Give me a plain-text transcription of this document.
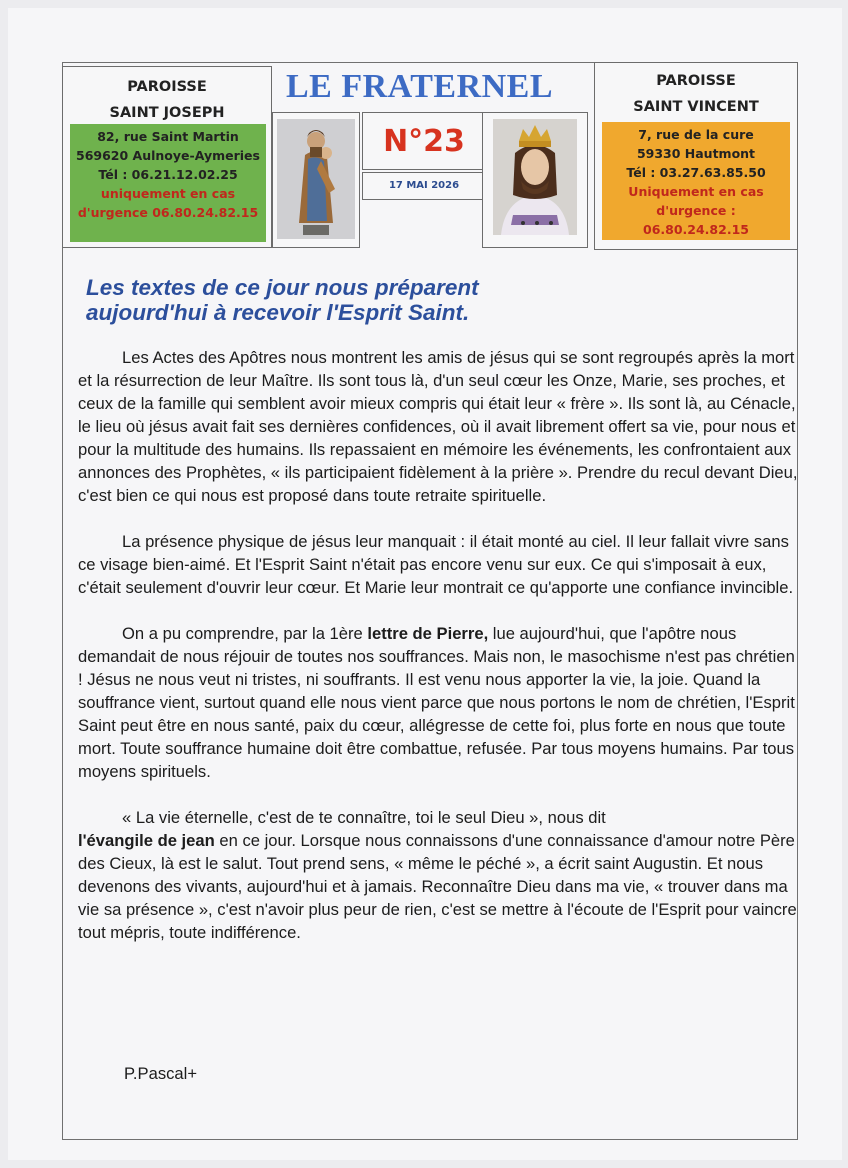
PAROISSE
SAINT JOSEPH
82, rue Saint Martin
569620 Aulnoye-Aymeries
Tél : 06.21.12.02.25
uniquement en cas
d'urgence 06.80.24.82.15
LE FRATERNEL
N°23
17 MAI 2026
PAROISSE
SAINT VINCENT
7, rue de la cure
59330 Hautmont
Tél : 03.27.63.85.50
Uniquement en cas
d'urgence : 06.80.24.82.15
Les textes de ce jour nous préparent
aujourd'hui à recevoir l'Esprit Saint.

Les Actes des Apôtres nous montrent les amis de jésus qui se sont regroupés après la mort et la résurrection de leur Maître. Ils sont tous là, d'un seul cœur les Onze, Marie, ses proches, et ceux de la famille qui semblent avoir mieux compris qui était leur « frère ». Ils sont là, au Cénacle, le lieu où jésus avait fait ses dernières confidences, où il avait librement offert sa vie, pour nous et pour la multitude des humains. Ils repassaient en mémoire les événements, les confrontaient aux annonces des Prophètes, « ils participaient fidèlement à la prière ». Prendre du recul devant Dieu, c'est bien ce qui nous est proposé dans toute retraite spirituelle.

La présence physique de jésus leur manquait : il était monté au ciel. Il leur fallait vivre sans ce visage bien-aimé. Et l'Esprit Saint n'était pas encore venu sur eux. Ce qui s'imposait à eux, c'était seulement d'ouvrir leur cœur. Et Marie leur montrait ce qu'apporte une confiance invincible.

On a pu comprendre, par la 1ère lettre de Pierre, lue aujourd'hui, que l'apôtre nous demandait de nous réjouir de toutes nos souffrances. Mais non, le masochisme n'est pas chrétien ! Jésus ne nous veut ni tristes, ni souffrants. Il est venu nous apporter la vie, la joie. Quand la souffrance vient, surtout quand elle nous vient parce que nous portons le nom de chrétien, l'Esprit Saint peut être en nous santé, paix du cœur, allégresse de cette foi, plus forte en nous que toute mort. Toute souffrance humaine doit être combattue, refusée. Par tous moyens humains. Par tous moyens spirituels.

« La vie éternelle, c'est de te connaître, toi le seul Dieu », nous dit
l'évangile de jean en ce jour. Lorsque nous connaissons d'une connaissance d'amour notre Père des Cieux, là est le salut. Tout prend sens, « même le péché », a écrit saint Augustin. Et nous devenons des vivants, aujourd'hui et à jamais. Reconnaître Dieu dans ma vie, « trouver dans ma vie sa présence », c'est n'avoir plus peur de rien, c'est se mettre à l'écoute de l'Esprit pour vaincre tout mépris, toute indifférence.

P.Pascal+
